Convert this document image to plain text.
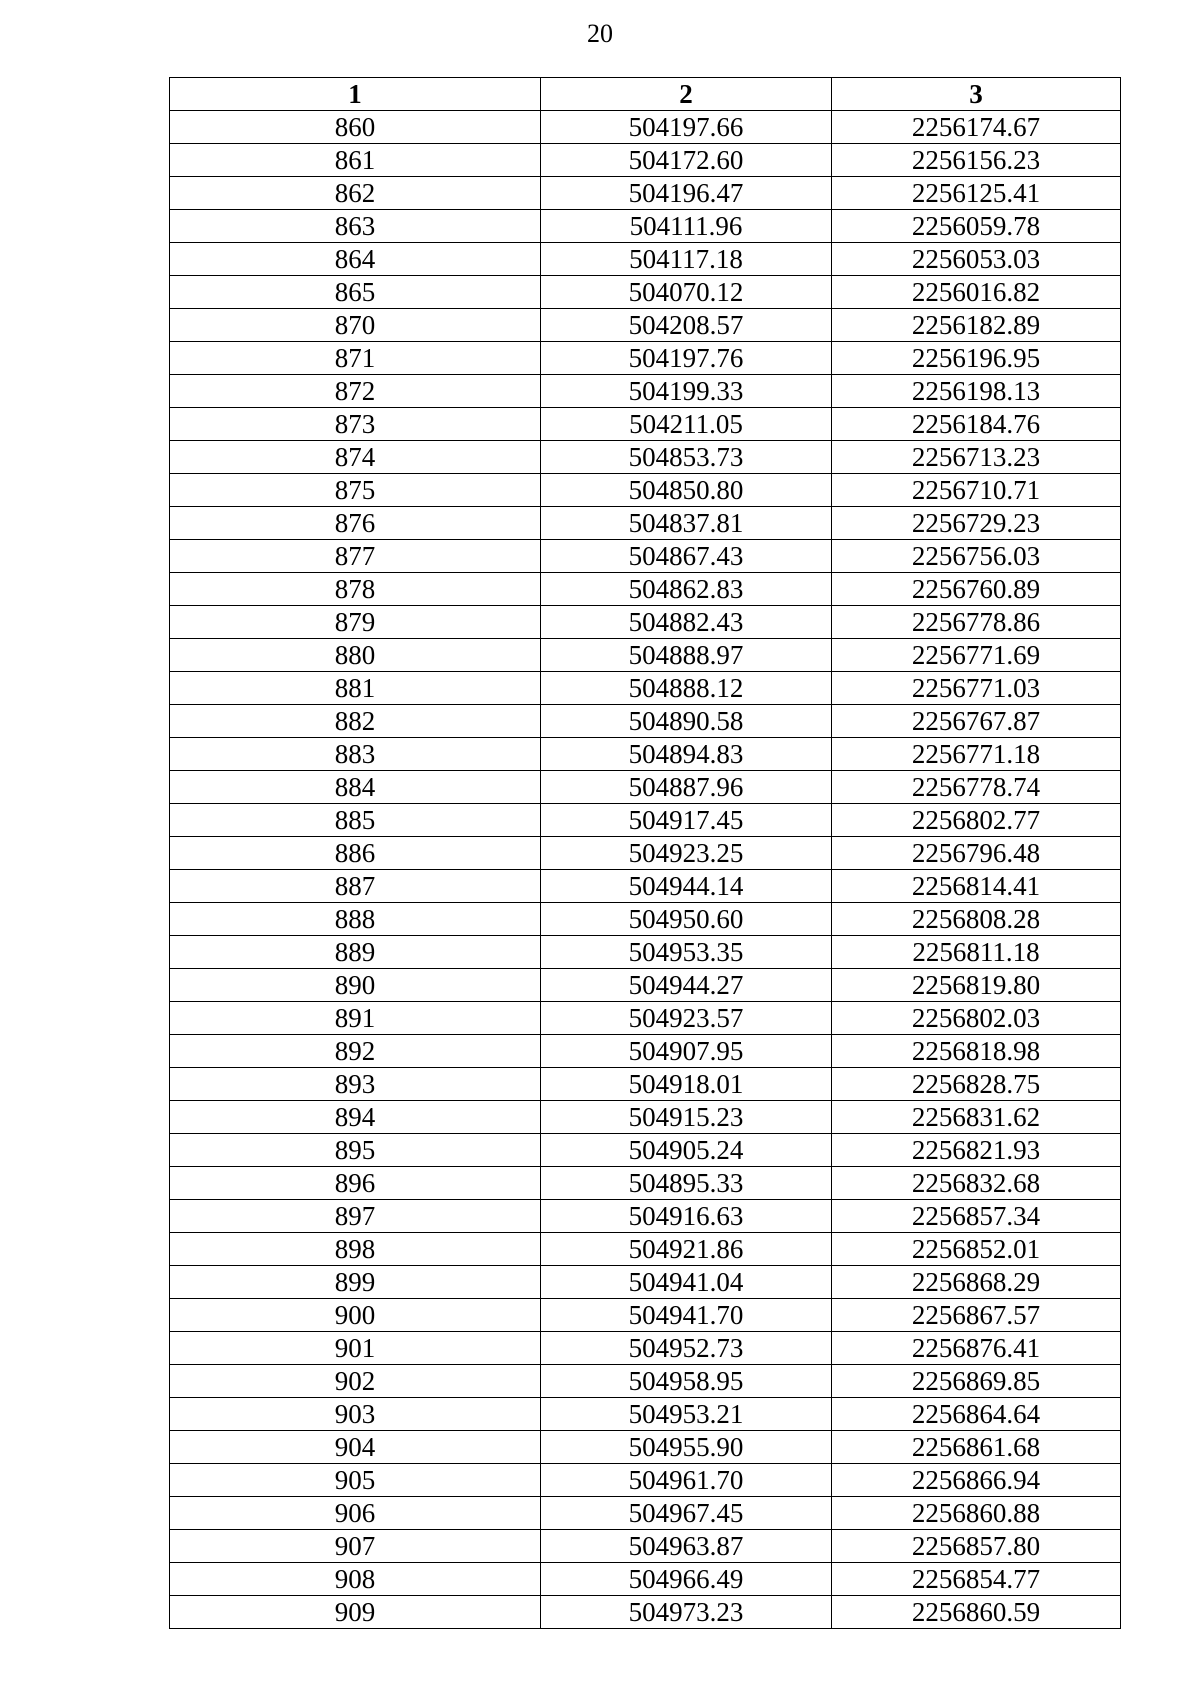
20
1	2	3
860	504197.66	2256174.67
861	504172.60	2256156.23
862	504196.47	2256125.41
863	504111.96	2256059.78
864	504117.18	2256053.03
865	504070.12	2256016.82
870	504208.57	2256182.89
871	504197.76	2256196.95
872	504199.33	2256198.13
873	504211.05	2256184.76
874	504853.73	2256713.23
875	504850.80	2256710.71
876	504837.81	2256729.23
877	504867.43	2256756.03
878	504862.83	2256760.89
879	504882.43	2256778.86
880	504888.97	2256771.69
881	504888.12	2256771.03
882	504890.58	2256767.87
883	504894.83	2256771.18
884	504887.96	2256778.74
885	504917.45	2256802.77
886	504923.25	2256796.48
887	504944.14	2256814.41
888	504950.60	2256808.28
889	504953.35	2256811.18
890	504944.27	2256819.80
891	504923.57	2256802.03
892	504907.95	2256818.98
893	504918.01	2256828.75
894	504915.23	2256831.62
895	504905.24	2256821.93
896	504895.33	2256832.68
897	504916.63	2256857.34
898	504921.86	2256852.01
899	504941.04	2256868.29
900	504941.70	2256867.57
901	504952.73	2256876.41
902	504958.95	2256869.85
903	504953.21	2256864.64
904	504955.90	2256861.68
905	504961.70	2256866.94
906	504967.45	2256860.88
907	504963.87	2256857.80
908	504966.49	2256854.77
909	504973.23	2256860.59
